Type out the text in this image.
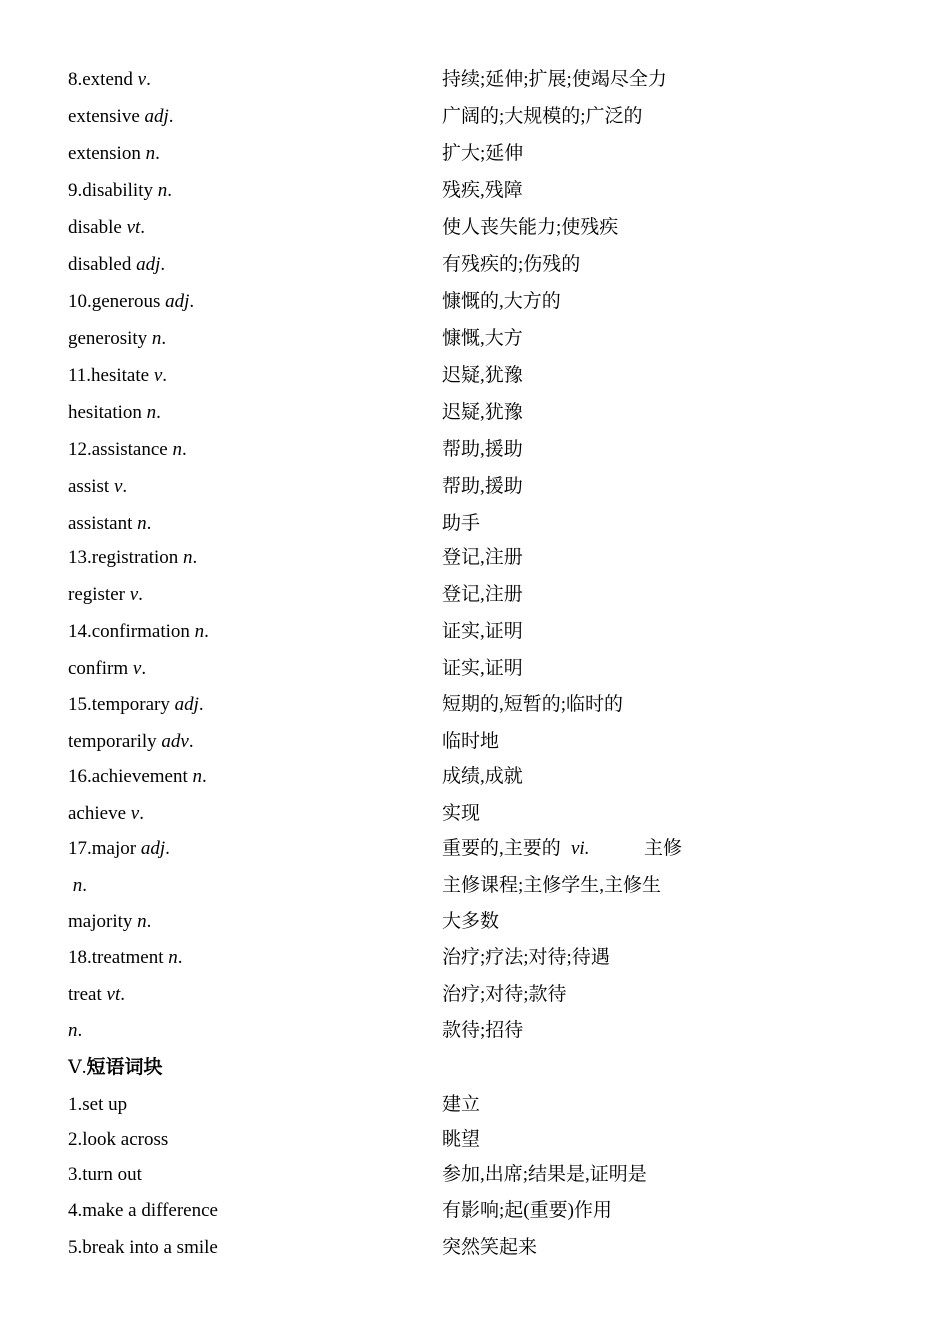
8.extend v.	持续;延伸;扩展;使竭尽全力
extensive adj.	广阔的;大规模的;广泛的
extension n.	扩大;延伸
9.disability n.	残疾,残障
disable vt.	使人丧失能力;使残疾
disabled adj.	有残疾的;伤残的
10.generous adj.	慷慨的,大方的
generosity n.	慷慨,大方
11.hesitate v.	迟疑,犹豫
hesitation n.	迟疑,犹豫
12.assistance n.	帮助,援助
assist v.	帮助,援助
assistant n.	助手
13.registration n.	登记,注册
register v.	登记,注册
14.confirmation n.	证实,证明
confirm v.	证实,证明
15.temporary adj.	短期的,短暂的;临时的
temporarily adv.	临时地
16.achievement n.	成绩,成就
achieve v.	实现
17.major adj.	重要的,主要的 vi.	主修
n.	主修课程;主修学生,主修生
majority n.	大多数
18.treatment n.	治疗;疗法;对待;待遇
treat vt.	治疗;对待;款待
n.	款待;招待
Ⅴ.短语词块
1.set up	建立
2.look across	眺望
3.turn out	参加,出席;结果是,证明是
4.make a difference	有影响;起(重要)作用
5.break into a smile	突然笑起来
